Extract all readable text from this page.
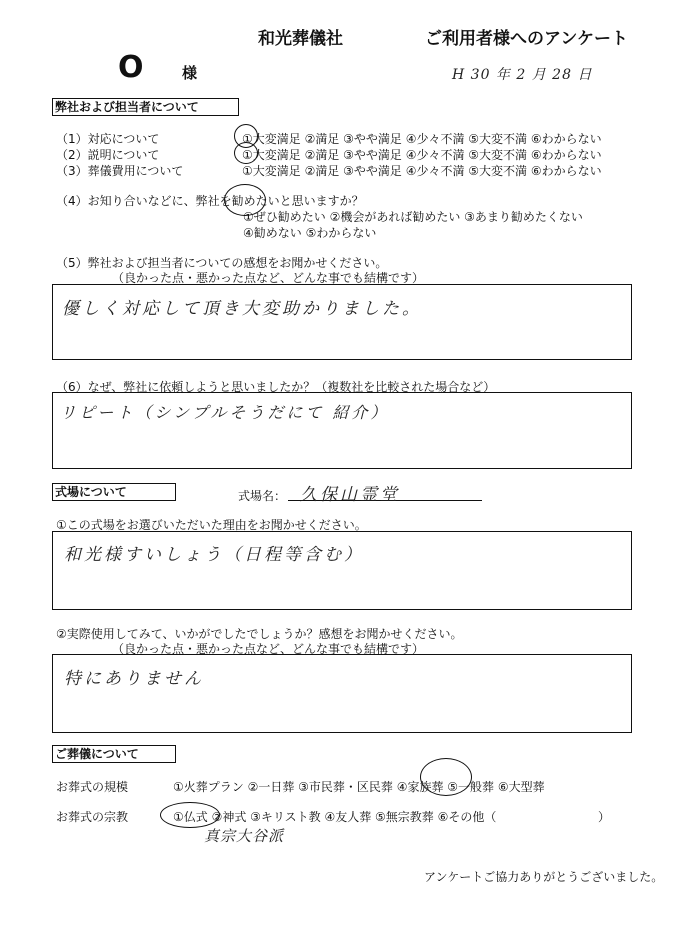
和光葬儀社	ご利用者様へのアンケート
O	様	H 30 年 2 月 28 日
弊社および担当者について
（1）対応について	①大変満足 ②満足 ③やや満足 ④少々不満 ⑤大変不満 ⑥わからない
（2）説明について	①大変満足 ②満足 ③やや満足 ④少々不満 ⑤大変不満 ⑥わからない
（3）葬儀費用について	①大変満足 ②満足 ③やや満足 ④少々不満 ⑤大変不満 ⑥わからない
（4）お知り合いなどに、弊社を勧めたいと思いますか？
①ぜひ勧めたい ②機会があれば勧めたい ③あまり勧めたくない
④勧めない ⑤わからない
（5）弊社および担当者についての感想をお聞かせください。
（良かった点・悪かった点など、どんな事でも結構です）
優しく対応して頂き大変助かりました。
（6）なぜ、弊社に依頼しようと思いましたか？（複数社を比較された場合など）
リピート（シンプルそうだにて 紹介）
式場について	式場名： 久保山霊堂
①この式場をお選びいただいた理由をお聞かせください。
和光様すいしょう（日程等含む）
②実際使用してみて、いかがでしたでしょうか？感想をお聞かせください。
（良かった点・悪かった点など、どんな事でも結構です）
特にありません
ご葬儀について
お葬式の規模	①火葬プラン ②一日葬 ③市民葬・区民葬 ④家族葬 ⑤一般葬 ⑥大型葬
お葬式の宗教	①仏式 ②神式 ③キリスト教 ④友人葬 ⑤無宗教葬 ⑥その他（	）
真宗大谷派
アンケートご協力ありがとうございました。
